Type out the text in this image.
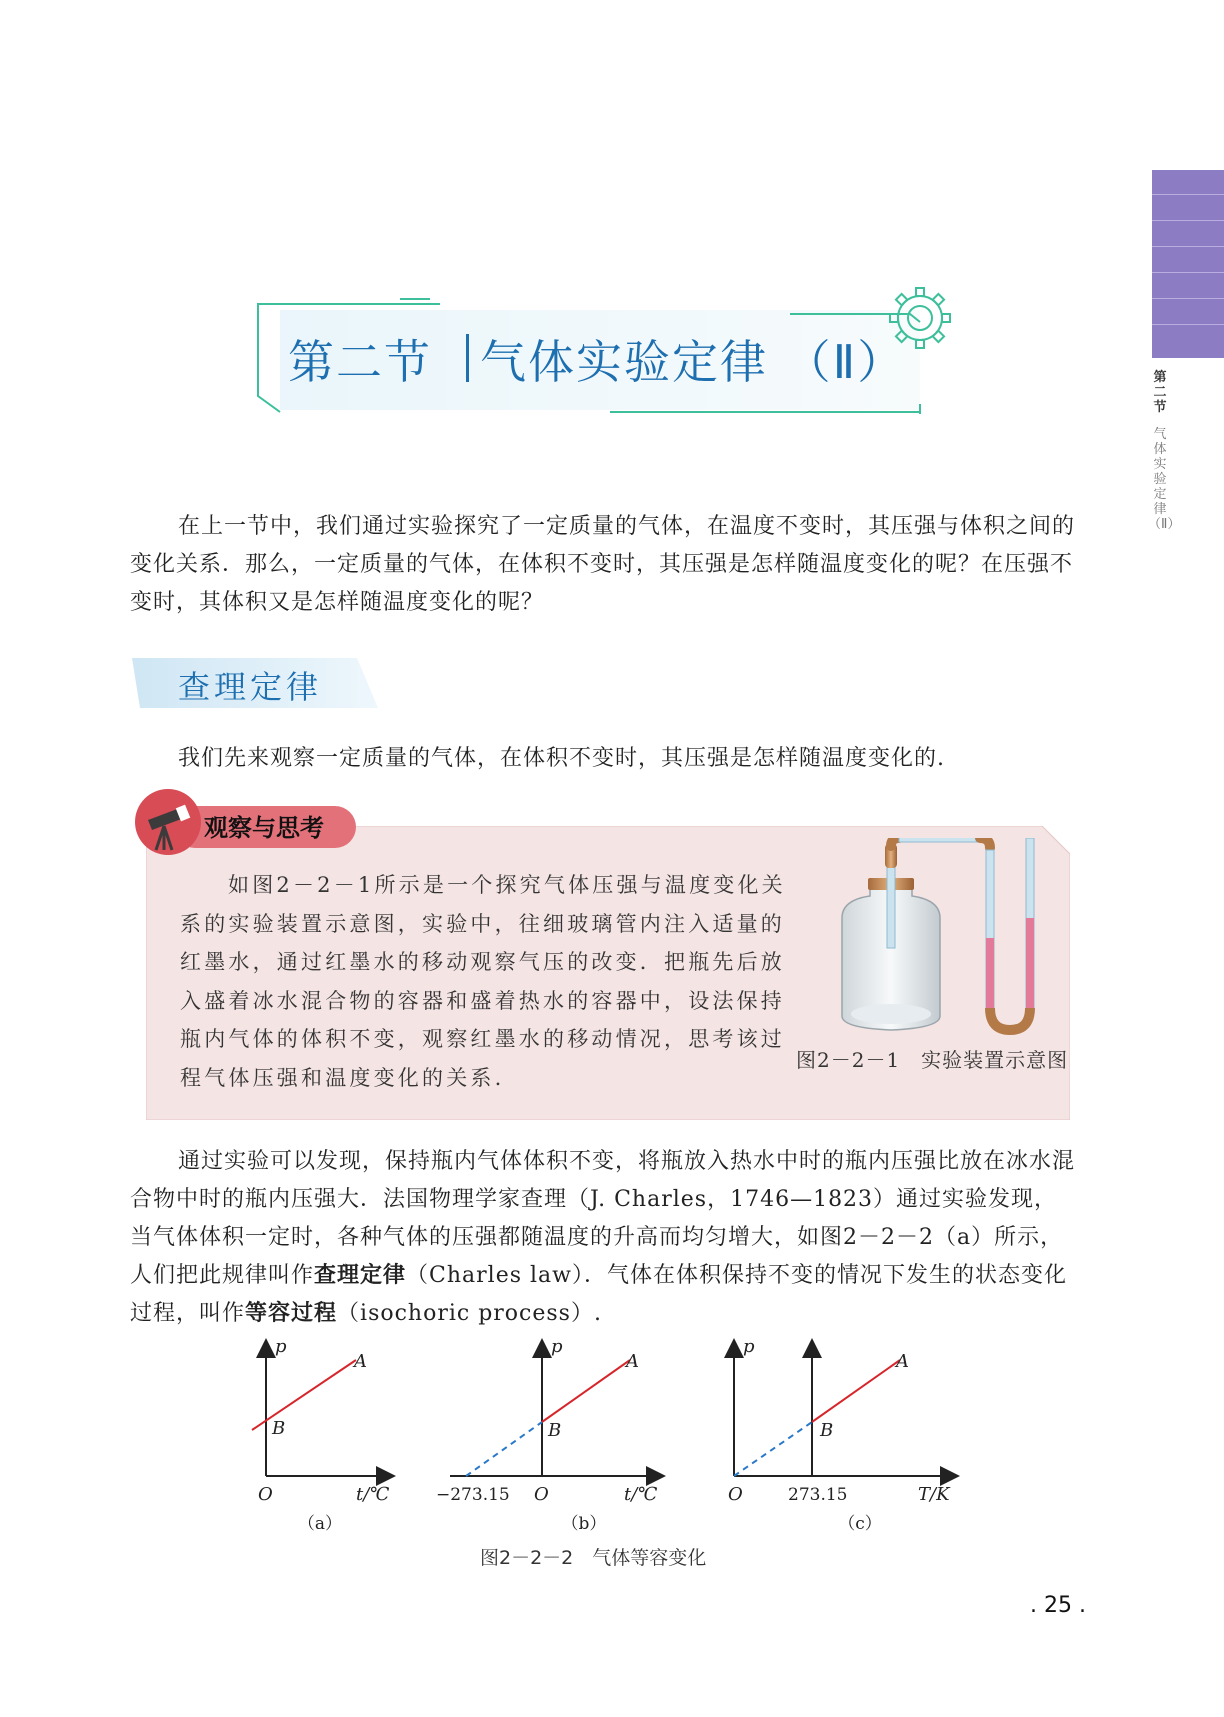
第二节
气体实验定律（Ⅱ）
第二节 气体实验定律 （Ⅱ）
在上一节中，我们通过实验探究了一定质量的气体，在温度不变时，其压强与体积之间的变化关系．那么，一定质量的气体，在体积不变时，其压强是怎样随温度变化的呢？在压强不变时，其体积又是怎样随温度变化的呢？
查理定律
我们先来观察一定质量的气体，在体积不变时，其压强是怎样随温度变化的.
观察与思考
如图2－2－1所示是一个探究气体压强与温度变化关系的实验装置示意图，实验中，往细玻璃管内注入适量的红墨水，通过红墨水的移动观察气压的改变．把瓶先后放入盛着冰水混合物的容器和盛着热水的容器中，设法保持瓶内气体的体积不变，观察红墨水的移动情况，思考该过程气体压强和温度变化的关系.
图2－2－1　实验装置示意图
通过实验可以发现，保持瓶内气体体积不变，将瓶放入热水中时的瓶内压强比放在冰水混合物中时的瓶内压强大．法国物理学家查理（J. Charles，1746—1823）通过实验发现，当气体体积一定时，各种气体的压强都随温度的升高而均匀增大，如图2－2－2（a）所示，人们把此规律叫作查理定律（Charles law）．气体在体积保持不变的情况下发生的状态变化过程，叫作等容过程（isochoric process）.
p
A
B
O	t/℃
（a）
p
A
B
−273.15 O	t/℃
（b）
p
A
B
O	273.15	T/K
（c）
图2－2－2　气体等容变化
. 25 .
